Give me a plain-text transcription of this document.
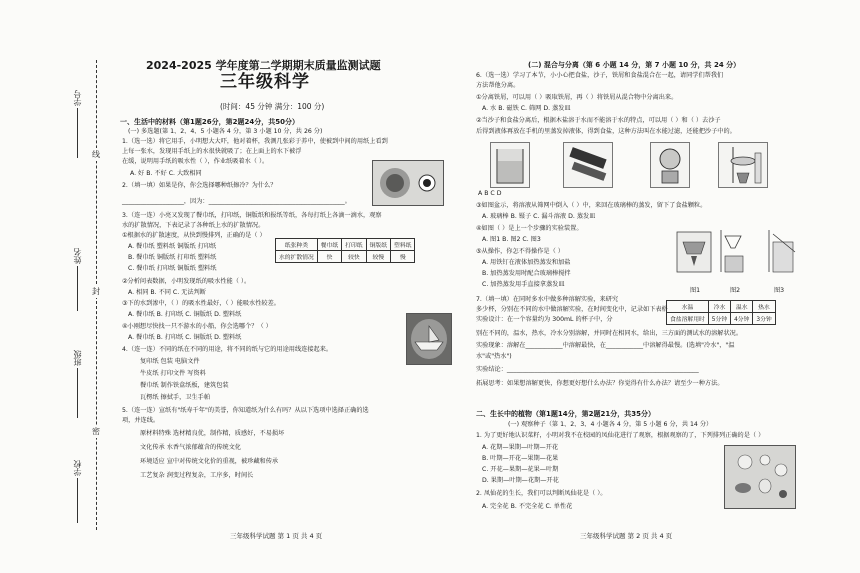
学号
姓名
班级
学校
线
封
密
2024-2025 学年度第二学期期末质量监测试题
三年级科学
(时间：45 分钟 满分：100 分)
一、生活中的材料（第1题26分，第2题24分，共50分）
(一) 多选题(第 1、2、4、5 小题各 4 分，第 3 小题 10 分，共 26 分)
1.（选一选）将它用手，小明想大大吓，他对着杯，我测几张彩于养中，使被到中间的用纸上看到
上每一张水，发现用手纸上的水很快就吸了；在上面上的水下被浮
在缓，说明用手纸的吸水性（ ），作业纸吸着水（ ）。
A. 好 B. 不好 C. 大致相同
2.（填一填）如果是你，你会选择哪种纸擦冷？为什么？
____________________，因为：____________________________________________。
3.（连一连）小亮又发现了餐巾纸，打印纸，铜版纸和报纸等纸，各每打纸上各滴一滴水，观察
水的扩散情况，下表记录了各种纸上水的扩散情况。
①根据水的扩散速度，从快到慢排列，正确的是（ ）
A. 餐巾纸 塑料纸 铜版纸 打印纸
B. 餐巾纸 铜版纸 打印纸 塑料纸
C. 餐巾纸 打印纸 铜版纸 塑料纸
纸张种类	餐巾纸	打印纸	铜版纸	塑料纸
水的扩散情况	快	较快	较慢	慢
②分析问表数据，小明发现纸的吸水性能（ ）。
A. 相同 B. 不同 C. 无法判断
③下的水到渗中，（ ）的吸水性最好，（ ）能吸水性较差。
A. 餐巾纸 B. 打印纸 C. 铜版纸 D. 塑料纸
④小刚想尽快找一只不游水的小船，你会选哪个？（ ）
A. 餐巾纸 B. 打印纸 C. 铜版纸 D. 塑料纸
4.（连一连）不同的纸在不同的用途，将不同的纸与它的用途用线连接起来。
复印纸 包装 电脑文件
牛皮纸 打印文件 写资料
餐巾纸 制作铁盒纸板，建筑包装
瓦楞纸 擦拭手，卫生手帕
5.（连一连）宣纸有"纸寿千年"的美誉，你知道纸为什么有吗？从以下选项中选择正确的选
项，并连线。
原材料特殊 选材精良优，制作精，质感好，不易损坏
文化传承 水香气浓郁蕴含的传统文化
环境适应 宣中对传统文化价的重视，被珍藏和传承
工艺复杂 润变过程复杂，工序多，时间长
三年级科学试题 第 1 页 共 4 页
(二) 混合与分离（第 6 小题 14 分，第 7 小题 10 分，共 24 分）
6.（选一选）学习了本节，小小心把食盐，沙子，铁屑和食盐混合在一起，请同学们帮我们
方法帮他分离。
①分离铁屑，可以用（ ）吸取铁屑，再（ ）将铁屑从混合物中分离出来。
A. 水 B. 磁铁 C. 筛网 D. 蒸发皿
②当沙子和食盐分离后，根据木盐溶于水而不能溶于水的特点，可以用（ ）和（ ）去沙子
后得到液体再放在手机的里蒸发掉液体，得到食盐，这种方法叫在水能过滤，还能把沙子中的。
A B C D
③如图盆示，将溶液从筛网中倒入（ ）中，来回在玻璃棒的蒸发，留下了食盐颗粒。
A. 玻璃棒 B. 镊子 C. 漏斗溶液 D. 蒸发皿
④如图（ ）是上一个步骤的实验装置。
A. 图1 B. 图2 C. 图3
⑤从操作，你怎不得操作是（ ）
A. 用铁钉在液体加热蒸发和加盐
B. 加热蒸发用时配合玻璃棒搅拌
C. 加热蒸发用手直接拿蒸发皿
图1	图2	图3
7.（填一填）在同时多水中做多种溶解实验，来研究
多少杯，分别在不同的水中做溶解实验，在时间变化中，记录如下表格
实验设计：在一个容量约为 300mL 的杯子中，分
水温	冷水	温水	热水
食盐溶解用时	5分钟	4分钟	3分钟
别在不同的，温水，热水，冷水分别溶解，并同时在相同水，给出，三方面的测试水的溶解状况。
实验现象：溶解在____________中溶解最快，在____________中溶解得最慢。(选填"冷水"，"温
水"或"热水")
实验结论：______________________________________________________________
拓展思考：如果想溶解更快，你想更好想什么办法？你觉得有什么办法？请至少一种方法。
二、生长中的植物（第1题14分，第2题21分，共35分）
(一) 观察种子（第 1、2、3、4 小题各 4 分，第 5 小题 6 分，共 14 分）
1. 为了更好地认识菜籽，小明对我不在校园的凤仙花进行了观察，根据观察的了，下列排列正确的是（ ）
A. 花期—果期—叶期—开花
B. 叶期—开花—果期—花果
C. 开花—果期—花果—叶期
D. 果期—叶期—花期—开花
2. 凤仙花的生长，我们可以判断凤仙花是（ ）。
A. 完全花 B. 不完全花 C. 单性花
三年级科学试题 第 2 页 共 4 页
